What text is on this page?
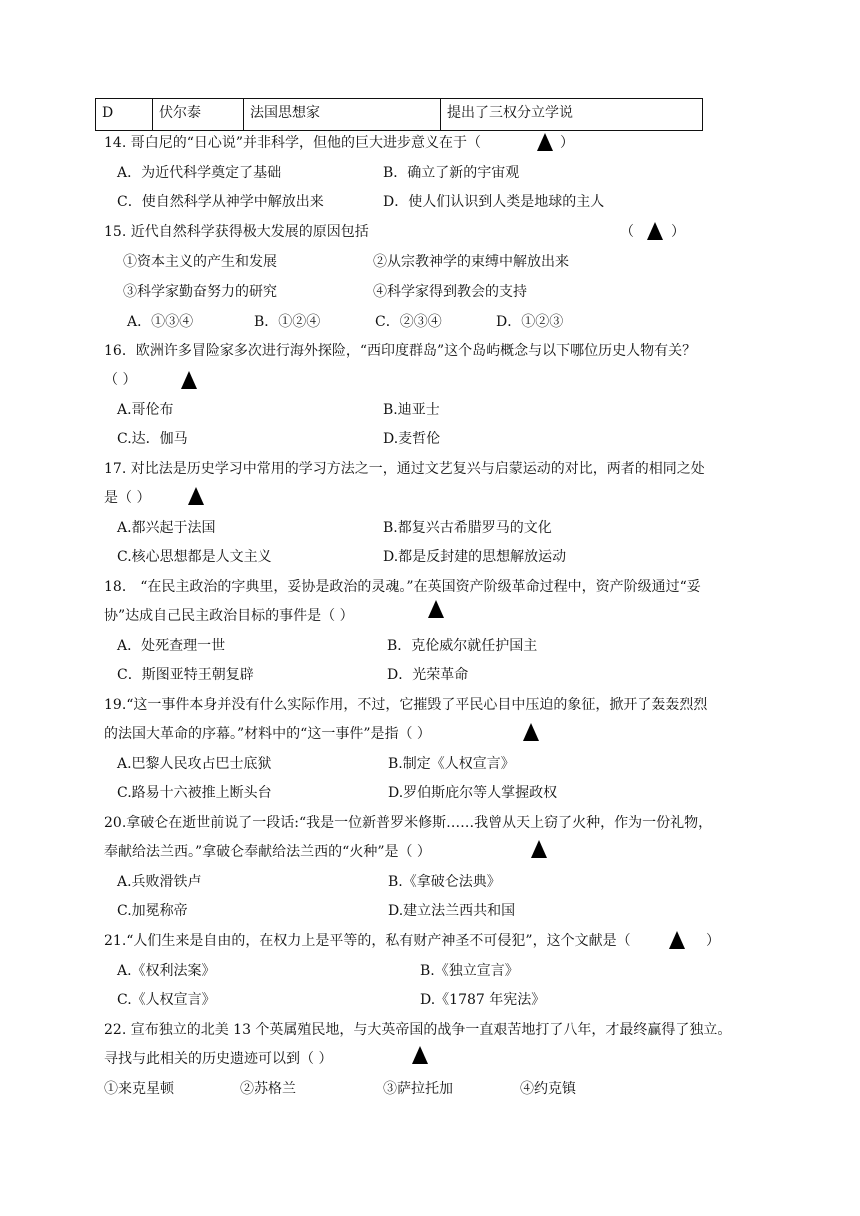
D	伏尔泰	法国思想家	提出了三权分立学说
14. 哥白尼的“日心说”并非科学，但他的巨大进步意义在于（	）
A．为近代科学奠定了基础	B．确立了新的宇宙观
C．使自然科学从神学中解放出来	D．使人们认识到人类是地球的主人
15. 近代自然科学获得极大发展的原因包括	（	）
①资本主义的产生和发展	②从宗教神学的束缚中解放出来
③科学家勤奋努力的研究	④科学家得到教会的支持
A．①③④	B．①②④	C．②③④	D．①②③
16．欧洲许多冒险家多次进行海外探险，“西印度群岛”这个岛屿概念与以下哪位历史人物有关？
（ ）
A.哥伦布	B.迪亚士
C.达．伽马	D.麦哲伦
17. 对比法是历史学习中常用的学习方法之一，通过文艺复兴与启蒙运动的对比，两者的相同之处
是（ ）
A.都兴起于法国	B.都复兴古希腊罗马的文化
C.核心思想都是人文主义	D.都是反封建的思想解放运动
18． “在民主政治的字典里，妥协是政治的灵魂。”在英国资产阶级革命过程中，资产阶级通过“妥
协”达成自己民主政治目标的事件是（ ）
A．处死查理一世	B．克伦威尔就任护国主
C．斯图亚特王朝复辟	D．光荣革命
19.“这一事件本身并没有什么实际作用，不过，它摧毁了平民心目中压迫的象征，掀开了轰轰烈烈
的法国大革命的序幕。”材料中的“这一事件”是指（ ）
A.巴黎人民攻占巴士底狱	B.制定《人权宣言》
C.路易十六被推上断头台	D.罗伯斯庇尔等人掌握政权
20.拿破仑在逝世前说了一段话:“我是一位新普罗米修斯……我曾从天上窃了火种，作为一份礼物，
奉献给法兰西。”拿破仑奉献给法兰西的“火种”是（ ）
A.兵败滑铁卢	B.《拿破仑法典》
C.加冕称帝	D.建立法兰西共和国
21.“人们生来是自由的，在权力上是平等的，私有财产神圣不可侵犯”，这个文献是（	）
A.《权利法案》	B.《独立宣言》
C.《人权宣言》	D.《1787 年宪法》
22. 宣布独立的北美 13 个英属殖民地，与大英帝国的战争一直艰苦地打了八年，才最终赢得了独立。
寻找与此相关的历史遗迹可以到（ ）
①来克星顿	②苏格兰	③萨拉托加	④约克镇
